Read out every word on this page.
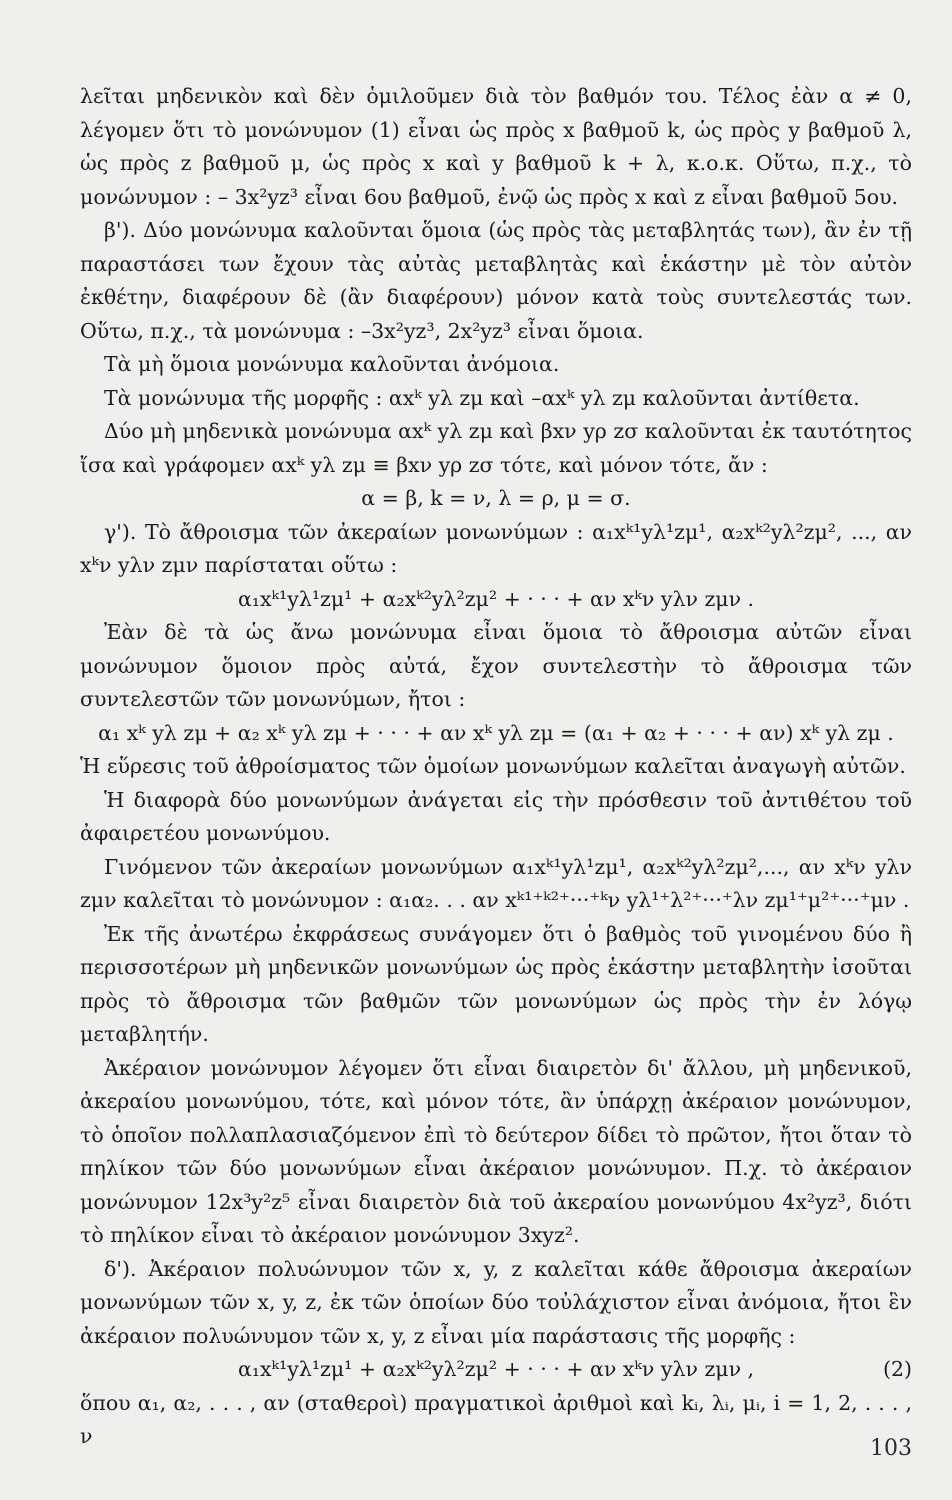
λεῖται μηδενικὸν καὶ δὲν ὁμιλοῦμεν διὰ τὸν βαθμόν του. Τέλος ἐὰν α ≠ 0, λέγομεν ὅτι τὸ μονώνυμον (1) εἶναι ὡς πρὸς x βαθμοῦ k, ὡς πρὸς y βαθμοῦ λ, ὡς πρὸς z βαθμοῦ μ, ὡς πρὸς x καὶ y βαθμοῦ k + λ, κ.ο.κ. Οὕτω, π.χ., τὸ μονώνυμον : – 3x²yz³ εἶναι 6ου βαθμοῦ, ἐνῷ ὡς πρὸς x καὶ z εἶναι βαθμοῦ 5ου.

β'). Δύο μονώνυμα καλοῦνται ὅμοια (ὡς πρὸς τὰς μεταβλητάς των), ἂν ἐν τῇ παραστάσει των ἔχουν τὰς αὐτὰς μεταβλητὰς καὶ ἑκάστην μὲ τὸν αὐτὸν ἐκθέτην, διαφέρουν δὲ (ἂν διαφέρουν) μόνον κατὰ τοὺς συντελεστάς των. Οὕτω, π.χ., τὰ μονώνυμα : –3x²yz³, 2x²yz³ εἶναι ὅμοια.

Τὰ μὴ ὅμοια μονώνυμα καλοῦνται ἀνόμοια.

Τὰ μονώνυμα τῆς μορφῆς : αxᵏ yλ zμ καὶ –αxᵏ yλ zμ καλοῦνται ἀντίθετα.

Δύο μὴ μηδενικὰ μονώνυμα αxᵏ yλ zμ καὶ βxν yρ zσ καλοῦνται ἐκ ταυτότητος ἴσα καὶ γράφομεν αxᵏ yλ zμ ≡ βxν yρ zσ τότε, καὶ μόνον τότε, ἄν :

α = β, k = ν, λ = ρ, μ = σ.

γ'). Τὸ ἄθροισμα τῶν ἀκεραίων μονωνύμων : α₁xᵏ¹yλ¹zμ¹, α₂xᵏ²yλ²zμ², ..., αν xᵏν yλν zμν παρίσταται οὕτω :

α₁xᵏ¹yλ¹zμ¹ + α₂xᵏ²yλ²zμ² + · · · + αν xᵏν yλν zμν .

Ἐὰν δὲ τὰ ὡς ἄνω μονώνυμα εἶναι ὅμοια τὸ ἄθροισμα αὐτῶν εἶναι μονώνυμον ὅμοιον πρὸς αὐτά, ἔχον συντελεστὴν τὸ ἄθροισμα τῶν συντελεστῶν τῶν μονωνύμων, ἤτοι :

α₁ xᵏ yλ zμ + α₂ xᵏ yλ zμ + · · · + αν xᵏ yλ zμ = (α₁ + α₂ + · · · + αν) xᵏ yλ zμ .

Ἡ εὕρεσις τοῦ ἀθροίσματος τῶν ὁμοίων μονωνύμων καλεῖται ἀναγωγὴ αὐτῶν.

Ἡ διαφορὰ δύο μονωνύμων ἀνάγεται εἰς τὴν πρόσθεσιν τοῦ ἀντιθέτου τοῦ ἀφαιρετέου μονωνύμου.

Γινόμενον τῶν ἀκεραίων μονωνύμων α₁xᵏ¹yλ¹zμ¹, α₂xᵏ²yλ²zμ²,..., αν xᵏν yλν zμν καλεῖται τὸ μονώνυμον : α₁α₂. . . αν xᵏ¹⁺ᵏ²⁺···⁺ᵏν yλ¹⁺λ²⁺···⁺λν zμ¹⁺μ²⁺···⁺μν .

Ἐκ τῆς ἀνωτέρω ἐκφράσεως συνάγομεν ὅτι ὁ βαθμὸς τοῦ γινομένου δύο ἢ περισσοτέρων μὴ μηδενικῶν μονωνύμων ὡς πρὸς ἑκάστην μεταβλητὴν ἰσοῦται πρὸς τὸ ἄθροισμα τῶν βαθμῶν τῶν μονωνύμων ὡς πρὸς τὴν ἐν λόγῳ μεταβλητήν.

Ἀκέραιον μονώνυμον λέγομεν ὅτι εἶναι διαιρετὸν δι' ἄλλου, μὴ μηδενικοῦ, ἀκεραίου μονωνύμου, τότε, καὶ μόνον τότε, ἂν ὑπάρχῃ ἀκέραιον μονώνυμον, τὸ ὁποῖον πολλαπλασιαζόμενον ἐπὶ τὸ δεύτερον δίδει τὸ πρῶτον, ἤτοι ὅταν τὸ πηλίκον τῶν δύο μονωνύμων εἶναι ἀκέραιον μονώνυμον. Π.χ. τὸ ἀκέραιον μονώνυμον 12x³y²z⁵ εἶναι διαιρετὸν διὰ τοῦ ἀκεραίου μονωνύμου 4x²yz³, διότι τὸ πηλίκον εἶναι τὸ ἀκέραιον μονώνυμον 3xyz².

δ'). Ἀκέραιον πολυώνυμον τῶν x, y, z καλεῖται κάθε ἄθροισμα ἀκεραίων μονωνύμων τῶν x, y, z, ἐκ τῶν ὁποίων δύο τοὐλάχιστον εἶναι ἀνόμοια, ἤτοι ἓν ἀκέραιον πολυώνυμον τῶν x, y, z εἶναι μία παράστασις τῆς μορφῆς :

α₁xᵏ¹yλ¹zμ¹ + α₂xᵏ²yλ²zμ² + · · · + αν xᵏν yλν zμν ,	(2)

ὅπου α₁, α₂, . . . , αν (σταθεροὶ) πραγματικοὶ ἀριθμοὶ καὶ kᵢ, λᵢ, μᵢ, i = 1, 2, . . . , ν	103
